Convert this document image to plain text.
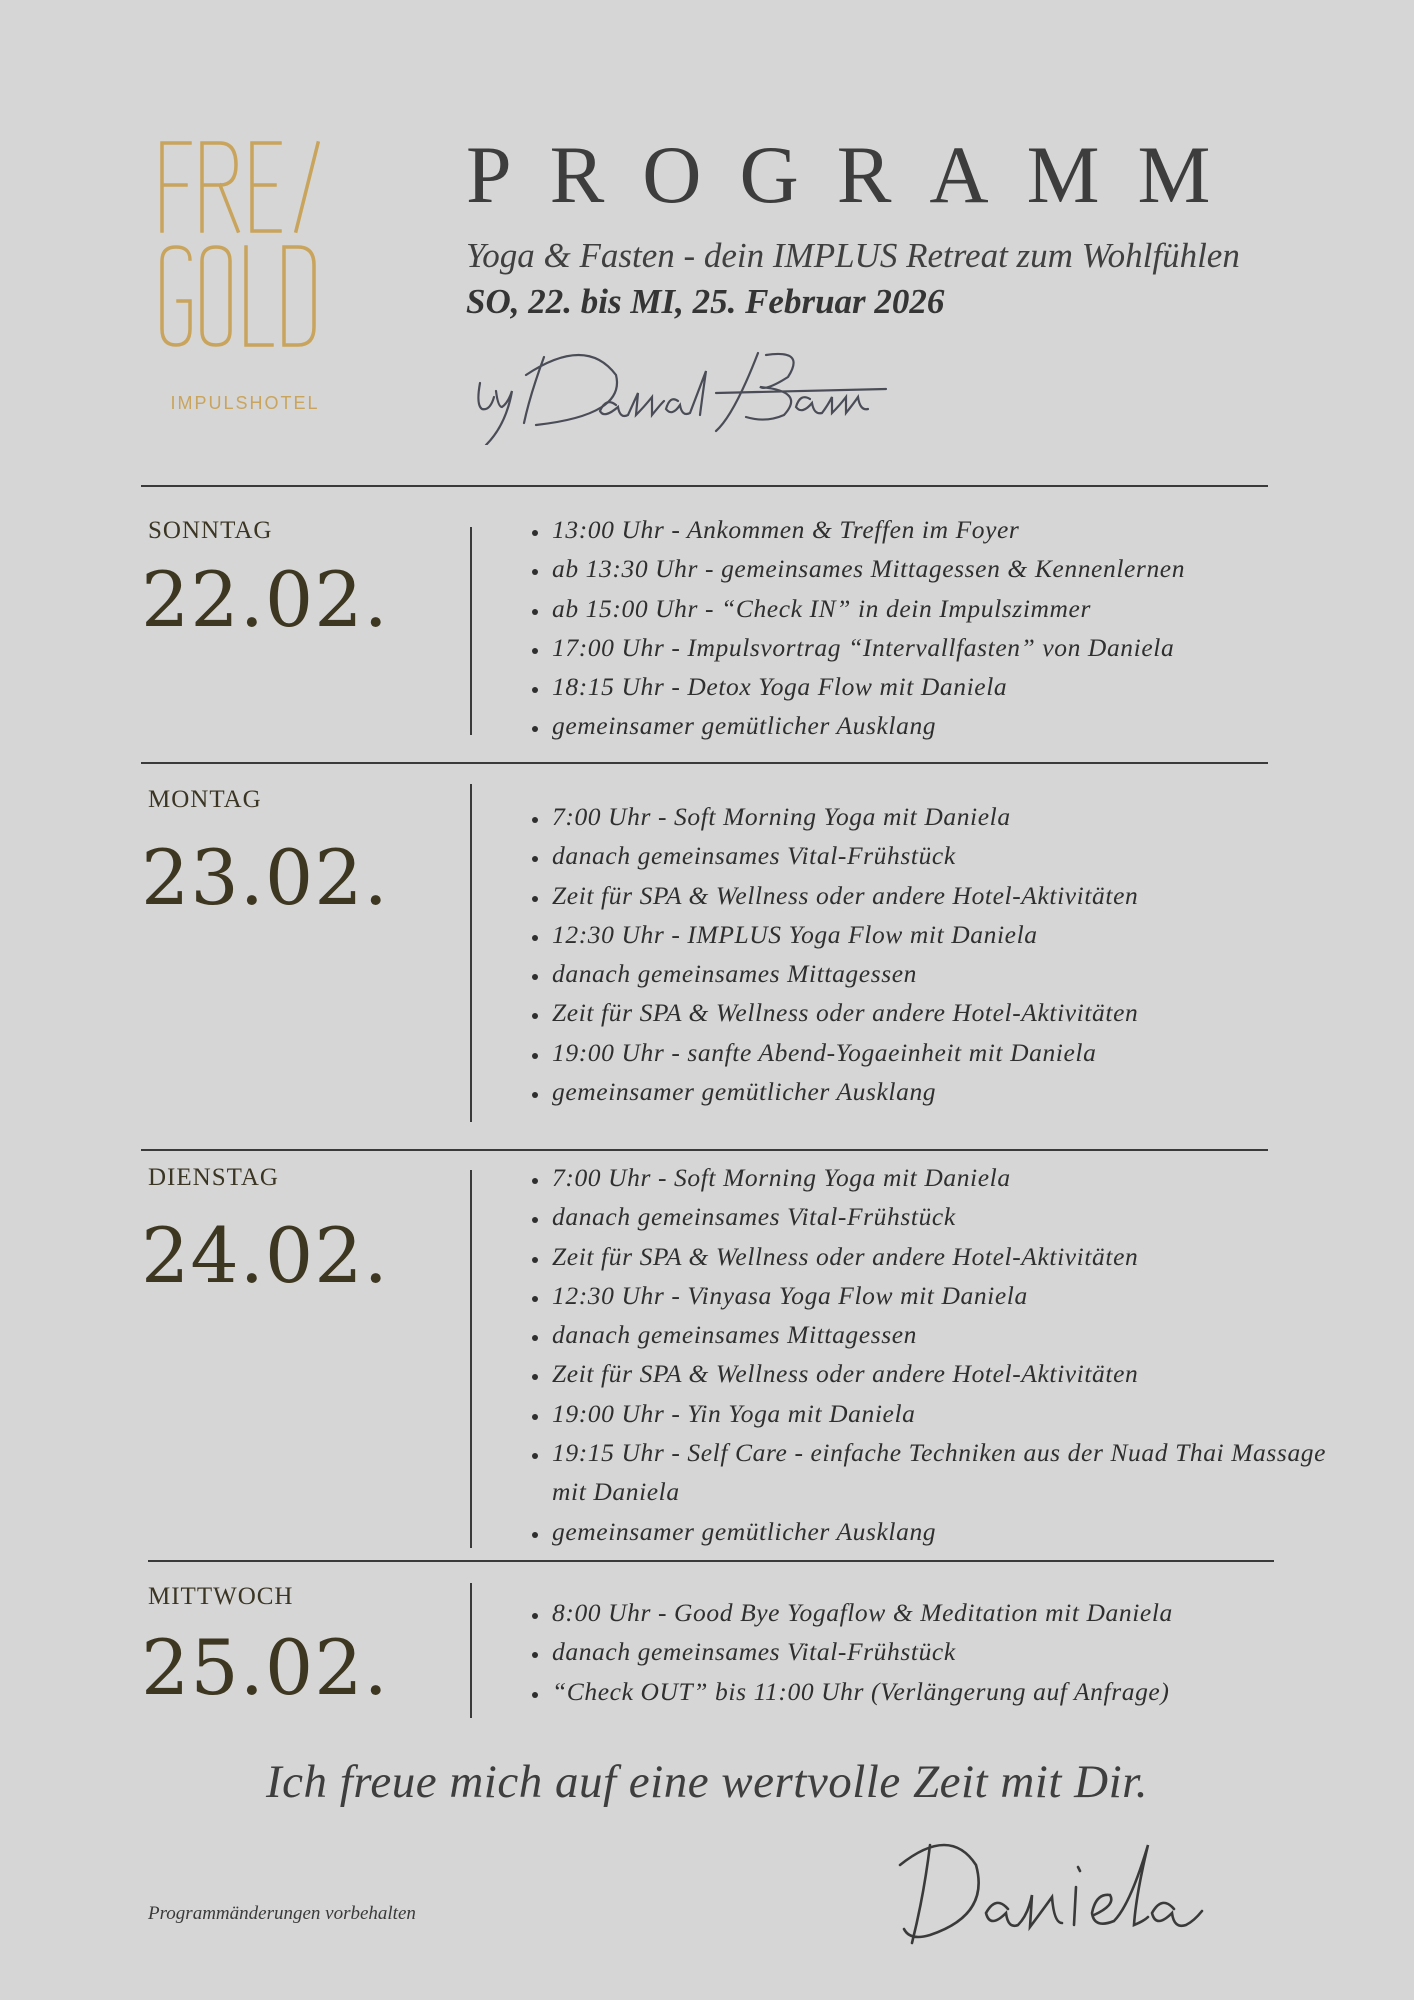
IMPULSHOTEL
PROGRAMM
Yoga & Fasten - dein IMPLUS Retreat zum Wohlfühlen
SO, 22. bis MI, 25. Februar 2026
SONNTAG
22.02.
• 13:00 Uhr - Ankommen & Treffen im Foyer
• ab 13:30 Uhr - gemeinsames Mittagessen & Kennenlernen
• ab 15:00 Uhr - “Check IN” in dein Impulszimmer
• 17:00 Uhr - Impulsvortrag “Intervallfasten” von Daniela
• 18:15 Uhr - Detox Yoga Flow mit Daniela
• gemeinsamer gemütlicher Ausklang
MONTAG
23.02.
• 7:00 Uhr - Soft Morning Yoga mit Daniela
• danach gemeinsames Vital-Frühstück
• Zeit für SPA & Wellness oder andere Hotel-Aktivitäten
• 12:30 Uhr - IMPLUS Yoga Flow mit Daniela
• danach gemeinsames Mittagessen
• Zeit für SPA & Wellness oder andere Hotel-Aktivitäten
• 19:00 Uhr - sanfte Abend-Yogaeinheit mit Daniela
• gemeinsamer gemütlicher Ausklang
DIENSTAG
24.02.
• 7:00 Uhr - Soft Morning Yoga mit Daniela
• danach gemeinsames Vital-Frühstück
• Zeit für SPA & Wellness oder andere Hotel-Aktivitäten
• 12:30 Uhr - Vinyasa Yoga Flow mit Daniela
• danach gemeinsames Mittagessen
• Zeit für SPA & Wellness oder andere Hotel-Aktivitäten
• 19:00 Uhr - Yin Yoga mit Daniela
• 19:15 Uhr - Self Care - einfache Techniken aus der Nuad Thai Massage mit Daniela
• gemeinsamer gemütlicher Ausklang
MITTWOCH
25.02.
• 8:00 Uhr - Good Bye Yogaflow & Meditation mit Daniela
• danach gemeinsames Vital-Frühstück
• “Check OUT” bis 11:00 Uhr (Verlängerung auf Anfrage)
Ich freue mich auf eine wertvolle Zeit mit Dir.
Programmänderungen vorbehalten
